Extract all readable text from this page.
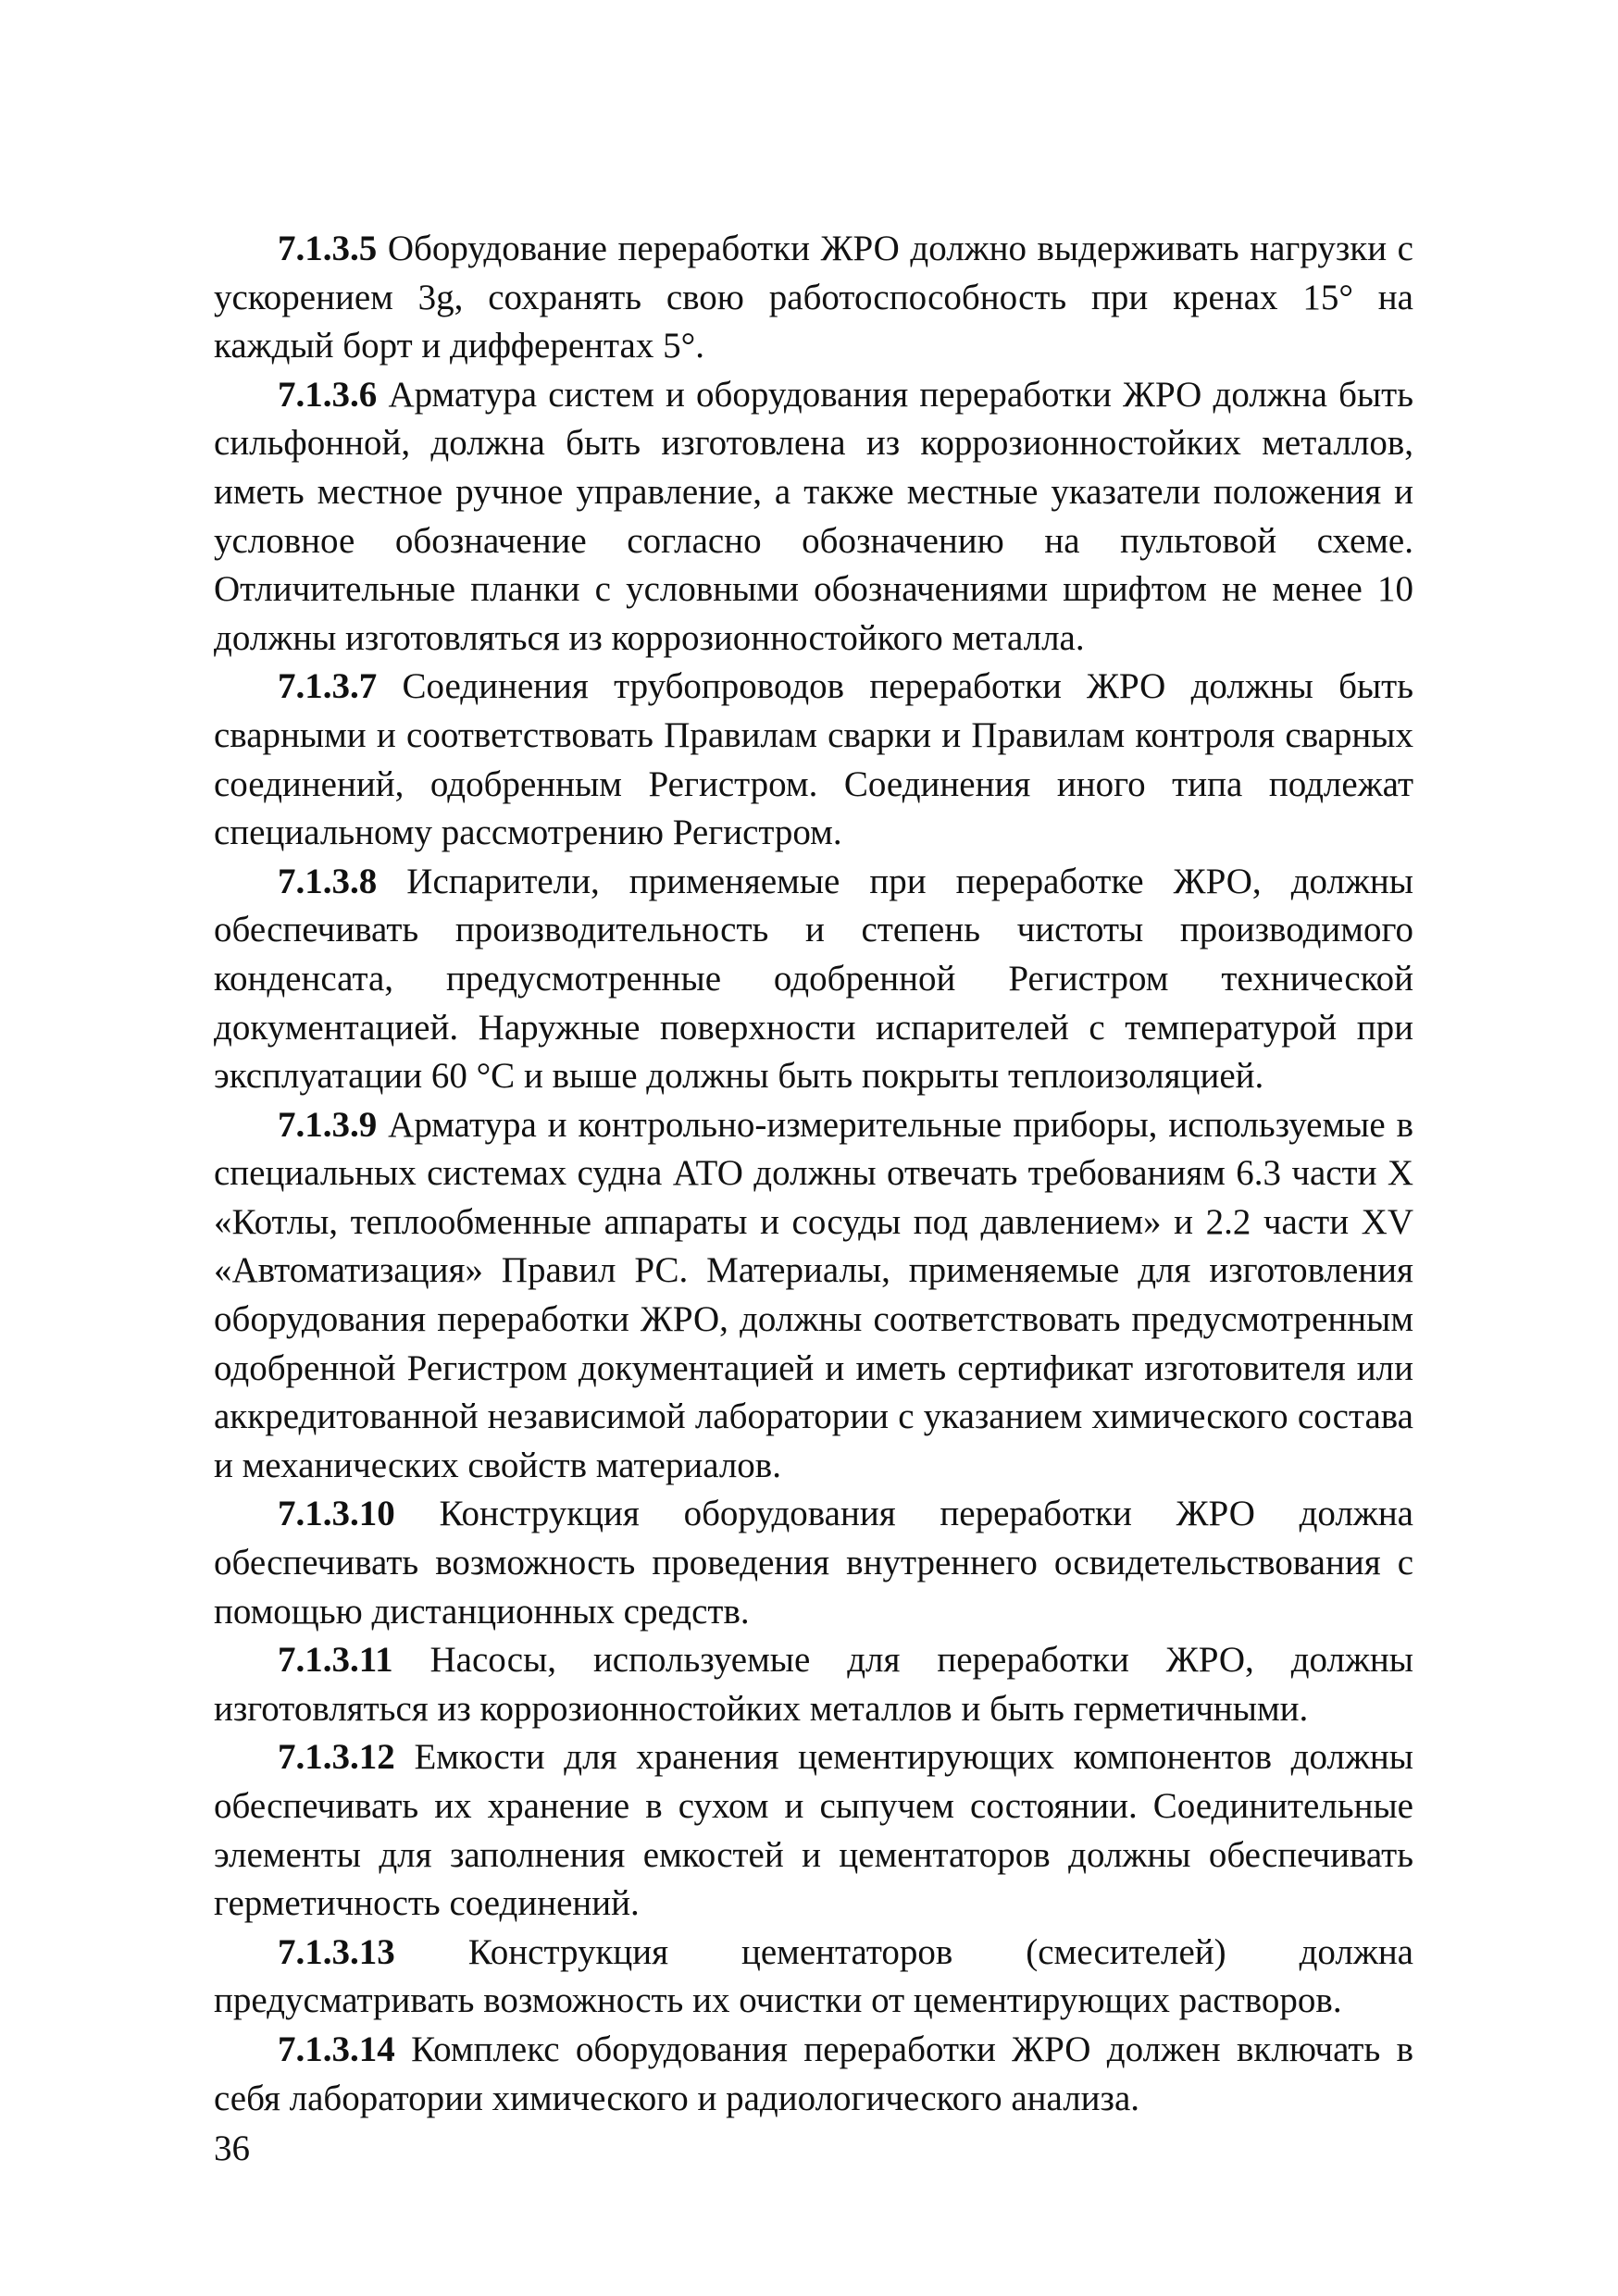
7.1.3.5 Оборудование переработки ЖРО должно выдерживать нагрузки с ускорением 3g, сохранять свою работоспособность при кренах 15° на каждый борт и дифферентах 5°.

7.1.3.6 Арматура систем и оборудования переработки ЖРО должна быть сильфонной, должна быть изготовлена из коррозионностойких металлов, иметь местное ручное управление, а также местные указатели положения и условное обозначение согласно обозначению на пультовой схеме. Отличительные планки с условными обозначениями шрифтом не менее 10 должны изготовляться из коррозионностойкого металла.

7.1.3.7 Соединения трубопроводов переработки ЖРО должны быть сварными и соответствовать Правилам сварки и Правилам контроля сварных соединений, одобренным Регистром. Соединения иного типа подлежат специальному рассмотрению Регистром.

7.1.3.8 Испарители, применяемые при переработке ЖРО, должны обеспечивать производительность и степень чистоты производимого конденсата, предусмотренные одобренной Регистром технической документацией. Наружные поверхности испарителей с температурой при эксплуатации 60 °С и выше должны быть покрыты теплоизоляцией.

7.1.3.9 Арматура и контрольно-измерительные приборы, используемые в специальных системах судна АТО должны отвечать требованиям 6.3 части X «Котлы, теплообменные аппараты и сосуды под давлением» и 2.2 части XV «Автоматизация» Правил РС. Материалы, применяемые для изготовления оборудования переработки ЖРО, должны соответствовать предусмотренным одобренной Регистром документацией и иметь сертификат изготовителя или аккредитованной независимой лаборатории с указанием химического состава и механических свойств материалов.

7.1.3.10 Конструкция оборудования переработки ЖРО должна обеспечивать возможность проведения внутреннего освидетельствования с помощью дистанционных средств.

7.1.3.11 Насосы, используемые для переработки ЖРО, должны изготовляться из коррозионностойких металлов и быть герметичными.

7.1.3.12 Емкости для хранения цементирующих компонентов должны обеспечивать их хранение в сухом и сыпучем состоянии. Соединительные элементы для заполнения емкостей и цементаторов должны обеспечивать герметичность соединений.

7.1.3.13 Конструкция цементаторов (смесителей) должна предусматривать возможность их очистки от цементирующих растворов.

7.1.3.14 Комплекс оборудования переработки ЖРО должен включать в себя лаборатории химического и радиологического анализа.

36
